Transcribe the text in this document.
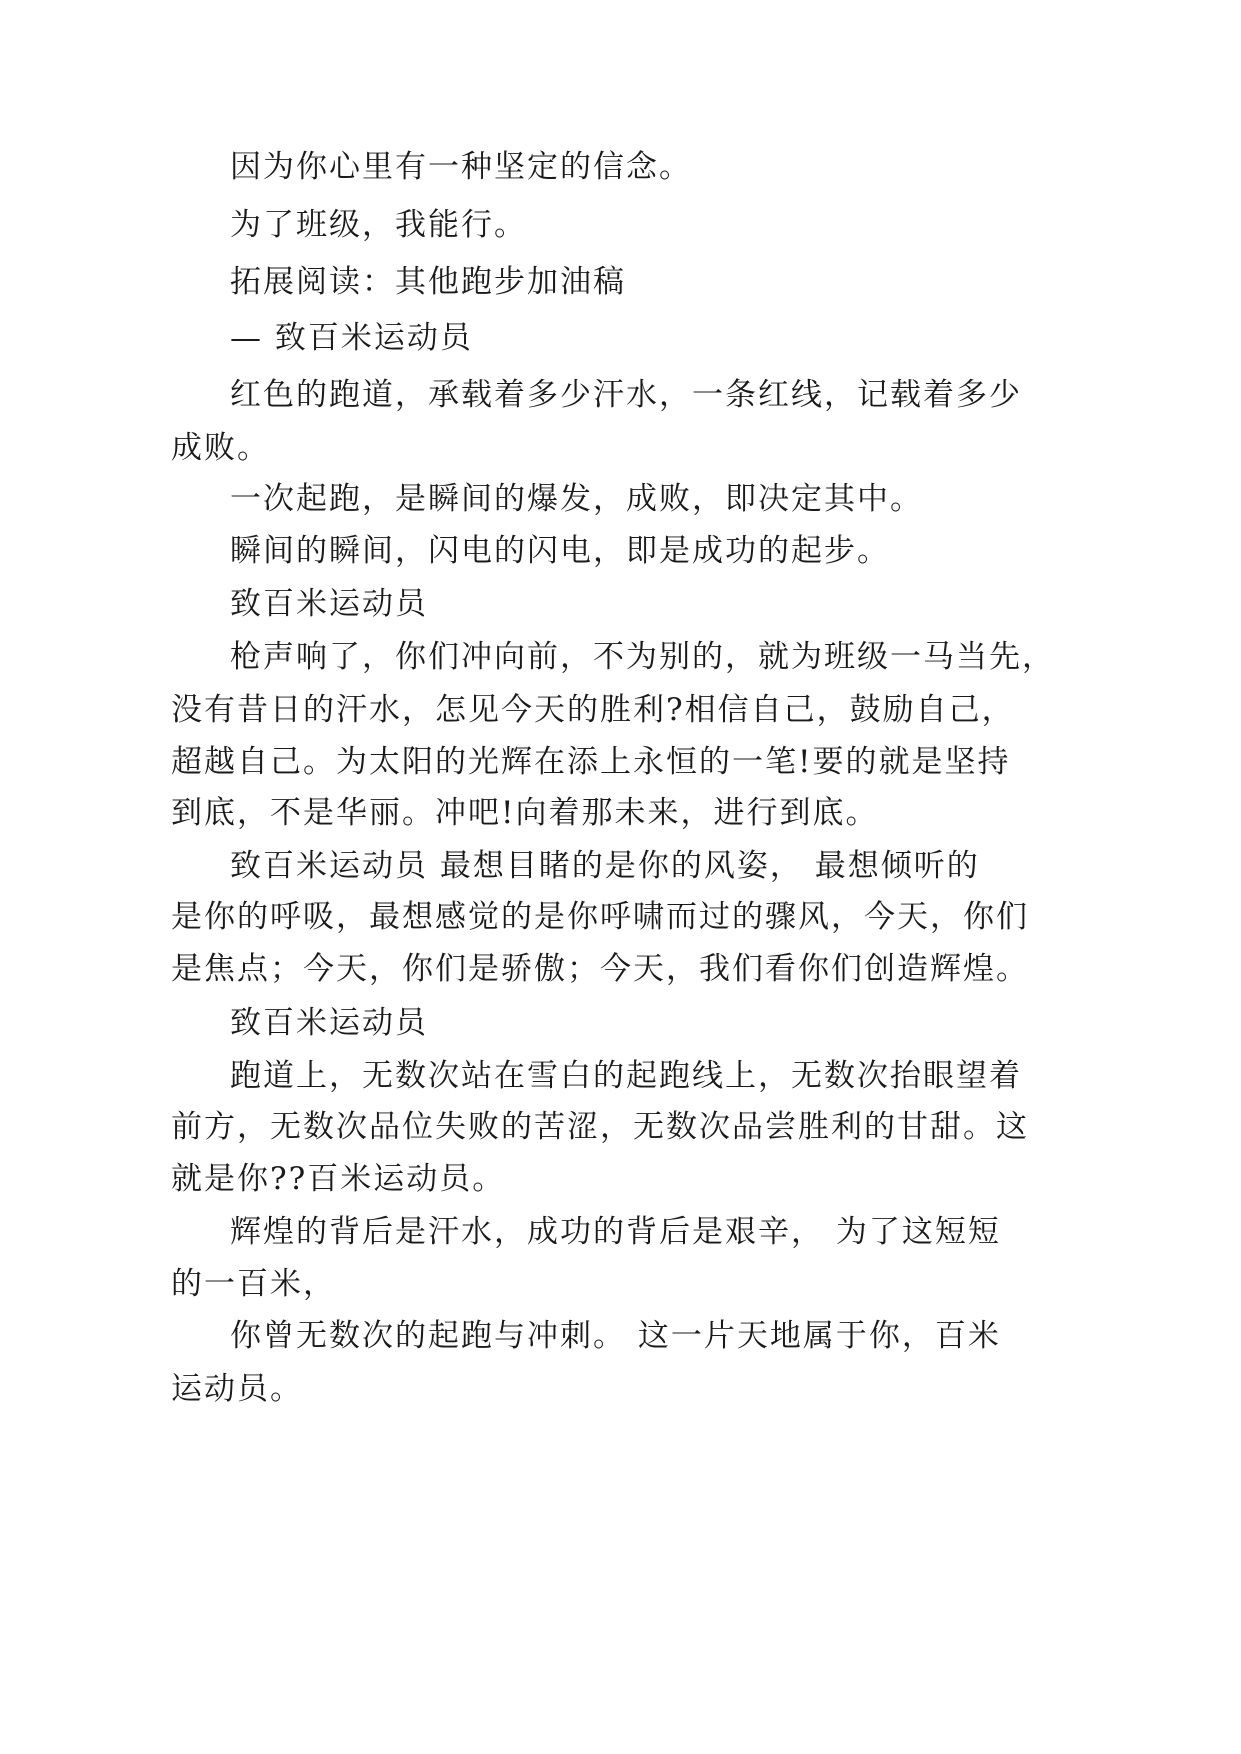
因为你心里有一种坚定的信念。
为了班级，我能行。
拓展阅读：其他跑步加油稿
— 致百米运动员
红色的跑道，承载着多少汗水，一条红线，记载着多少
成败。
一次起跑，是瞬间的爆发，成败，即决定其中。
瞬间的瞬间，闪电的闪电，即是成功的起步。
致百米运动员
枪声响了，你们冲向前，不为别的，就为班级一马当先，
没有昔日的汗水，怎见今天的胜利?相信自己，鼓励自己，
超越自己。为太阳的光辉在添上永恒的一笔!要的就是坚持
到底，不是华丽。冲吧!向着那未来，进行到底。
致百米运动员 最想目睹的是你的风姿， 最想倾听的
是你的呼吸，最想感觉的是你呼啸而过的骤风，今天，你们
是焦点；今天，你们是骄傲；今天，我们看你们创造辉煌。
致百米运动员
跑道上，无数次站在雪白的起跑线上，无数次抬眼望着
前方，无数次品位失败的苦涩，无数次品尝胜利的甘甜。这
就是你??百米运动员。
辉煌的背后是汗水，成功的背后是艰辛， 为了这短短
的一百米，
你曾无数次的起跑与冲刺。 这一片天地属于你，百米
运动员。
